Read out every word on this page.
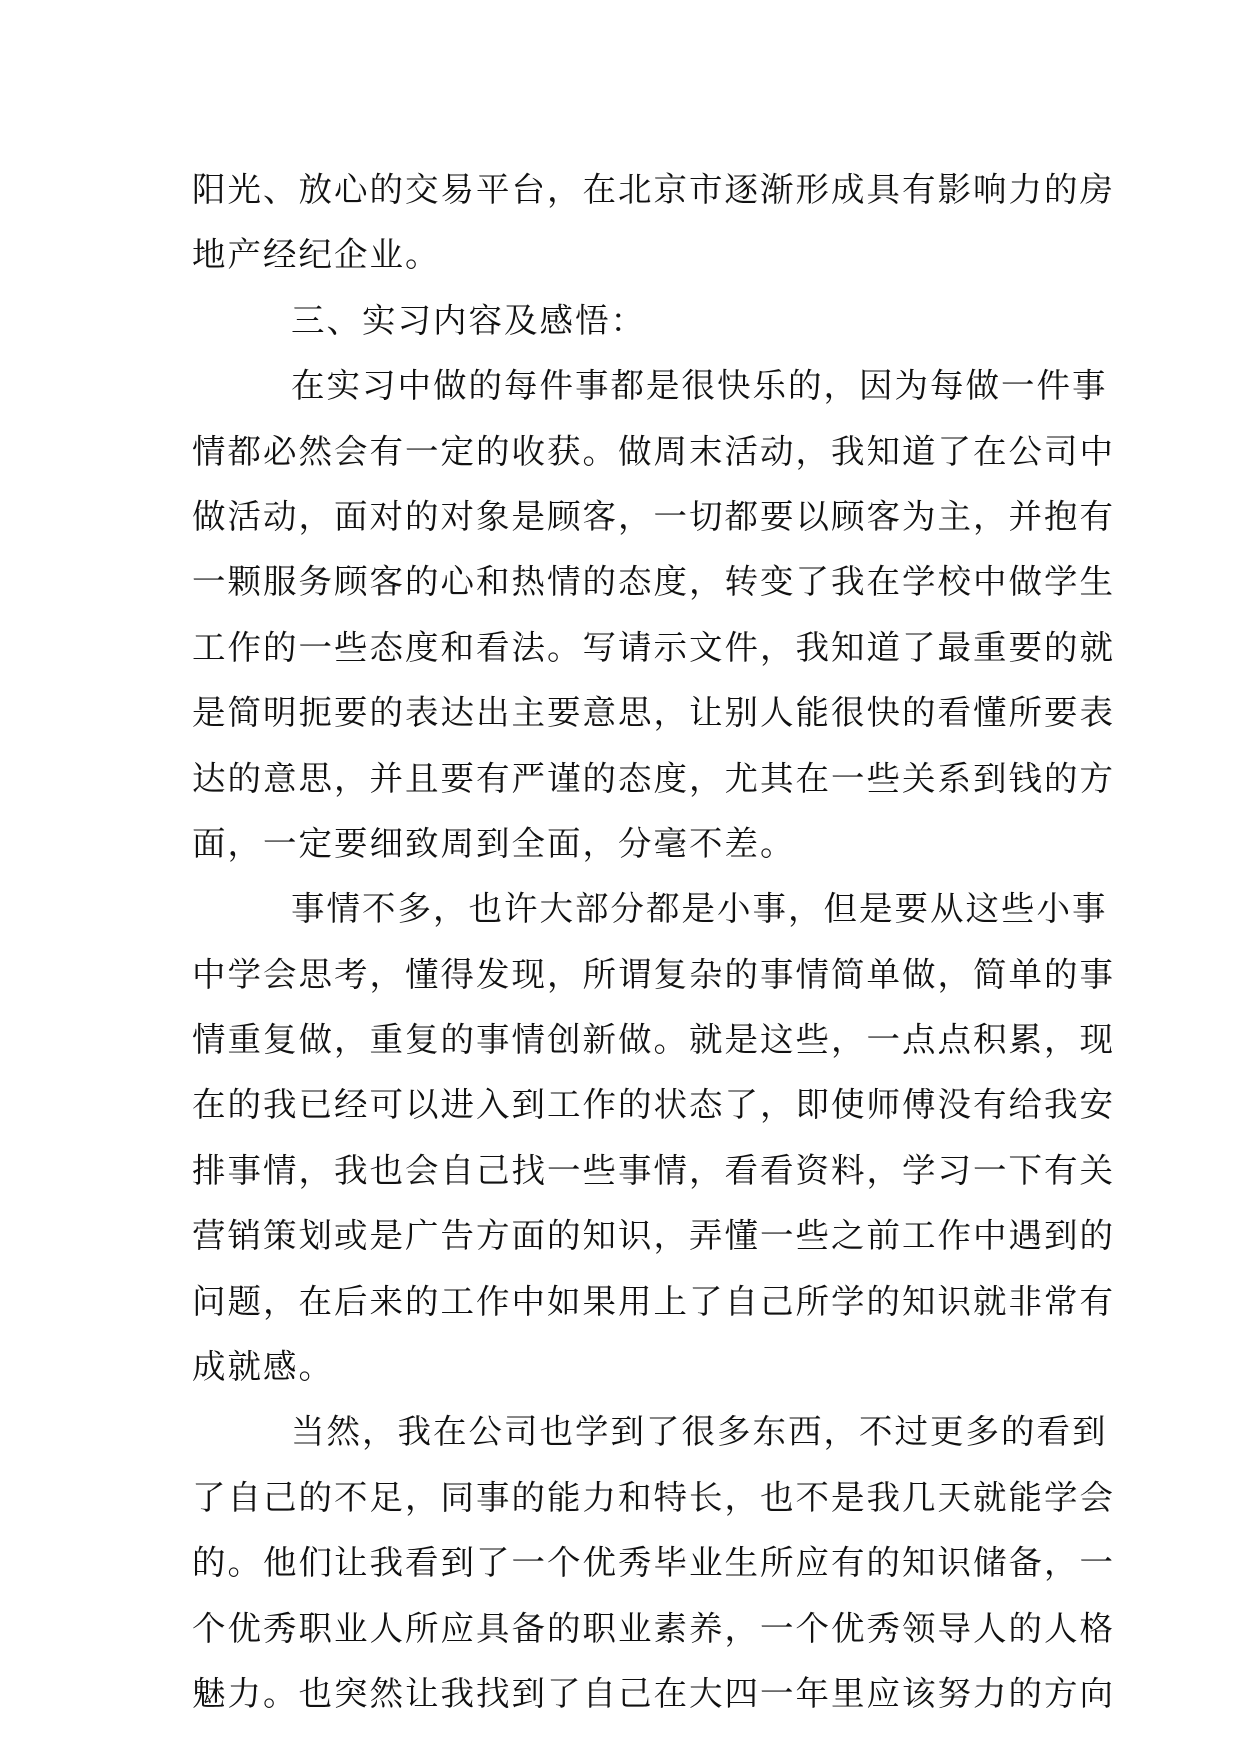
阳光、放心的交易平台，在北京市逐渐形成具有影响力的房
地产经纪企业。
三、实习内容及感悟：
在实习中做的每件事都是很快乐的，因为每做一件事
情都必然会有一定的收获。做周末活动，我知道了在公司中
做活动，面对的对象是顾客，一切都要以顾客为主，并抱有
一颗服务顾客的心和热情的态度，转变了我在学校中做学生
工作的一些态度和看法。写请示文件，我知道了最重要的就
是简明扼要的表达出主要意思，让别人能很快的看懂所要表
达的意思，并且要有严谨的态度，尤其在一些关系到钱的方
面，一定要细致周到全面，分毫不差。
事情不多，也许大部分都是小事，但是要从这些小事
中学会思考，懂得发现，所谓复杂的事情简单做，简单的事
情重复做，重复的事情创新做。就是这些，一点点积累，现
在的我已经可以进入到工作的状态了，即使师傅没有给我安
排事情，我也会自己找一些事情，看看资料，学习一下有关
营销策划或是广告方面的知识，弄懂一些之前工作中遇到的
问题，在后来的工作中如果用上了自己所学的知识就非常有
成就感。
当然，我在公司也学到了很多东西，不过更多的看到
了自己的不足，同事的能力和特长，也不是我几天就能学会
的。他们让我看到了一个优秀毕业生所应有的知识储备，一
个优秀职业人所应具备的职业素养，一个优秀领导人的人格
魅力。也突然让我找到了自己在大四一年里应该努力的方向
